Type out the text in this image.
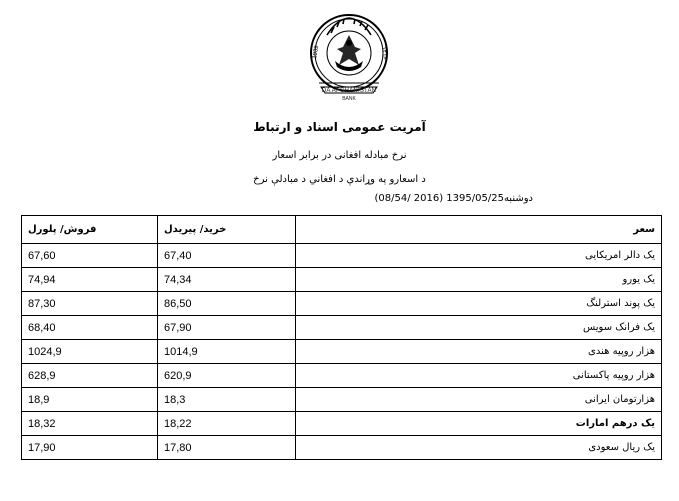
1939	۱۳۱۸
DA AFGHANISTAN
BANK
آمریت عمومی اسناد و ارتباط
نرخ مبادله افغانی در برابر اسعار
د اسعارو په وړاندې د افغاني د مبادلې نرخ
دوشنبه1395/05/25 (2016 /08/54)
فروش/ پلورل	خرید/ پیریدل	سعر
67,60	67,40	یک دالر امریکایی
74,94	74,34	یک یورو
87,30	86,50	یک پوند استرلنگ
68,40	67,90	یک فرانک سویس
1024,9	1014,9	هزار روپیه هندی
628,9	620,9	هزار روپیه پاکستانی
18,9	18,3	هزارتومان ایرانی
18,32	18,22	یک درهم امارات
17,90	17,80	یک ریال سعودی
